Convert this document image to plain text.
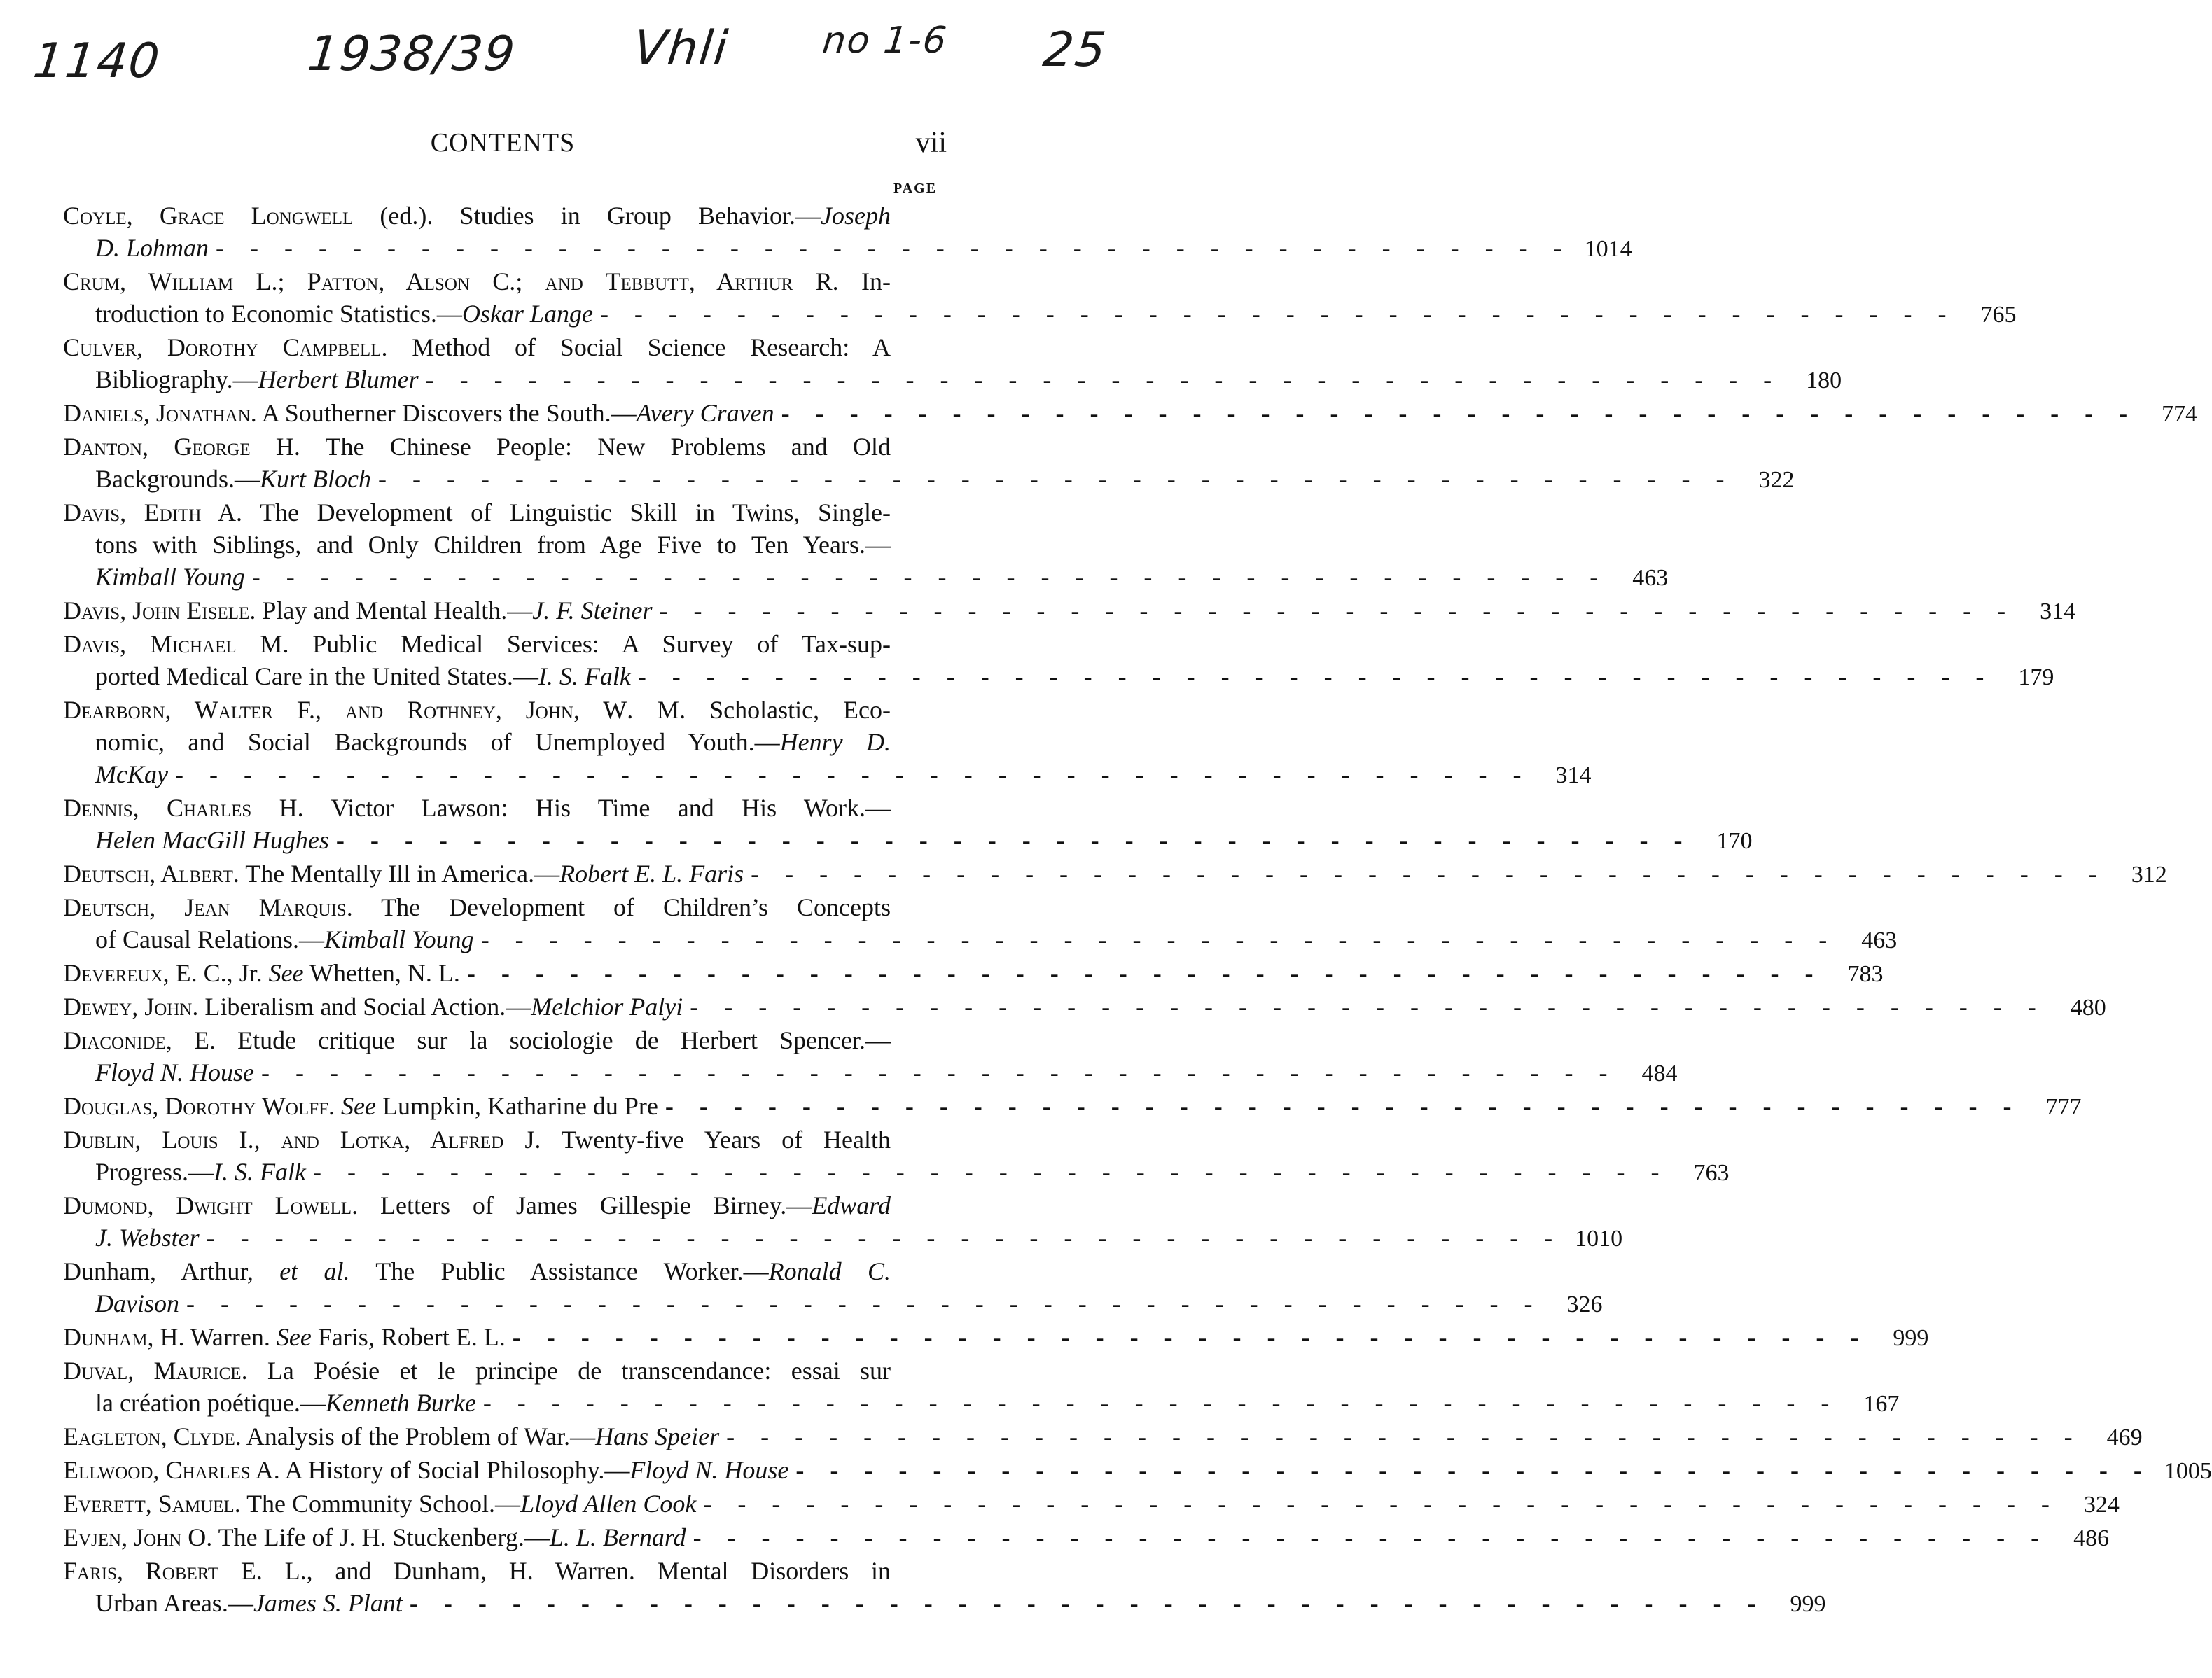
1140	1938/39 Vhli no 1-6 25
CONTENTS	vii
PAGE
Coyle, Grace Longwell (ed.). Studies in Group Behavior.—Joseph
D. Lohman - - -	1014
Crum, William L.; Patton, Alson C.; and Tebbutt, Arthur R. In-
troduction to Economic Statistics.—Oskar Lange - - -	765
Culver, Dorothy Campbell. Method of Social Science Research: A
Bibliography.—Herbert Blumer - - -	180
Daniels, Jonathan. A Southerner Discovers the South.—Avery Craven - - -	774
Danton, George H. The Chinese People: New Problems and Old
Backgrounds.—Kurt Bloch - - -	322
Davis, Edith A. The Development of Linguistic Skill in Twins, Single-
tons with Siblings, and Only Children from Age Five to Ten Years.—
Kimball Young - - -	463
Davis, John Eisele. Play and Mental Health.—J. F. Steiner - - -	314
Davis, Michael M. Public Medical Services: A Survey of Tax-sup-
ported Medical Care in the United States.—I. S. Falk - - -	179
Dearborn, Walter F., and Rothney, John, W. M. Scholastic, Eco-
nomic, and Social Backgrounds of Unemployed Youth.—Henry D.
McKay - - -	314
Dennis, Charles H. Victor Lawson: His Time and His Work.—
Helen MacGill Hughes - - -	170
Deutsch, Albert. The Mentally Ill in America.—Robert E. L. Faris - - -	312
Deutsch, Jean Marquis. The Development of Children’s Concepts
of Causal Relations.—Kimball Young - - -	463
Devereux, E. C., Jr. See Whetten, N. L. - - -	783
Dewey, John. Liberalism and Social Action.—Melchior Palyi - - -	480
Diaconide, E. Etude critique sur la sociologie de Herbert Spencer.—
Floyd N. House - - -	484
Douglas, Dorothy Wolff. See Lumpkin, Katharine du Pre - - -	777
Dublin, Louis I., and Lotka, Alfred J. Twenty-five Years of Health
Progress.—I. S. Falk - - -	763
Dumond, Dwight Lowell. Letters of James Gillespie Birney.—Edward
J. Webster - - -	1010
Dunham, Arthur, et al. The Public Assistance Worker.—Ronald C.
Davison - - -	326
Dunham, H. Warren. See Faris, Robert E. L. - - -	999
Duval, Maurice. La Poésie et le principe de transcendance: essai sur
la création poétique.—Kenneth Burke - - -	167
Eagleton, Clyde. Analysis of the Problem of War.—Hans Speier - - -	469
Ellwood, Charles A. A History of Social Philosophy.—Floyd N. House - - -	1005
Everett, Samuel. The Community School.—Lloyd Allen Cook - - -	324
Evjen, John O. The Life of J. H. Stuckenberg.—L. L. Bernard - - -	486
Faris, Robert E. L., and Dunham, H. Warren. Mental Disorders in
Urban Areas.—James S. Plant - - -	999
